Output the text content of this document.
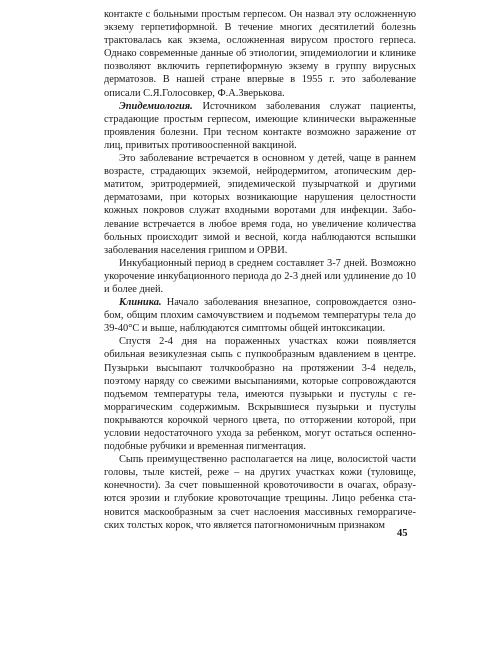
контакте с больными простым герпесом. Он назвал эту осложненную экзему герпетиформной. В течение многих десятилетий болезнь трактовалась как экзема, осложненная вирусом простого герпеса. Однако современные данные об этиологии, эпидемиологии и клинике позволяют включить герпетиформную экзему в группу вирусных дерматозов. В нашей стране впервые в 1955 г. это заболевание описали С.Я.Голосовкер, Ф.А.Зверькова.

Эпидемиология. Источником заболевания служат пациенты, страдающие простым герпесом, имеющие клинически выраженные проявления болезни. При тесном контакте возможно заражение от лиц, привитых противооспенной вакциной.

Это заболевание встречается в основном у детей, чаще в раннем возрасте, страдающих экземой, нейродермитом, атопическим дерматитом, эритродермией, эпидемической пузырчаткой и другими дерматозами, при которых возникающие нарушения целостности кожных покровов служат входными воротами для инфекции. Заболевание встречается в любое время года, но увеличение количества больных происходит зимой и весной, когда наблюдаются вспышки заболевания населения гриппом и ОРВИ.

Инкубационный период в среднем составляет 3-7 дней. Возможно укорочение инкубационного периода до 2-3 дней или удлинение до 10 и более дней.

Клиника. Начало заболевания внезапное, сопровождается ознобом, общим плохим самочувствием и подъемом температуры тела до 39-40°С и выше, наблюдаются симптомы общей интоксикации.

Спустя 2-4 дня на пораженных участках кожи появляется обильная везикулезная сыпь с пупкообразным вдавлением в центре. Пузырьки высыпают толчкообразно на протяжении 3-4 недель, поэтому наряду со свежими высыпаниями, которые сопровождаются подъемом температуры тела, имеются пузырьки и пустулы с геморрагическим содержимым. Вскрывшиеся пузырьки и пустулы покрываются корочкой черного цвета, по отторжении которой, при условии недостаточного ухода за ребенком, могут остаться оспенноподобные рубчики и временная пигментация.

Сыпь преимущественно располагается на лице, волосистой части головы, тыле кистей, реже – на других участках кожи (туловище, конечности). За счет повышенной кровоточивости в очагах, образуются эрозии и глубокие кровоточащие трещины. Лицо ребенка становится маскообразным за счет наслоения массивных геморрагических толстых корок, что является патогномоничным признаком

45
